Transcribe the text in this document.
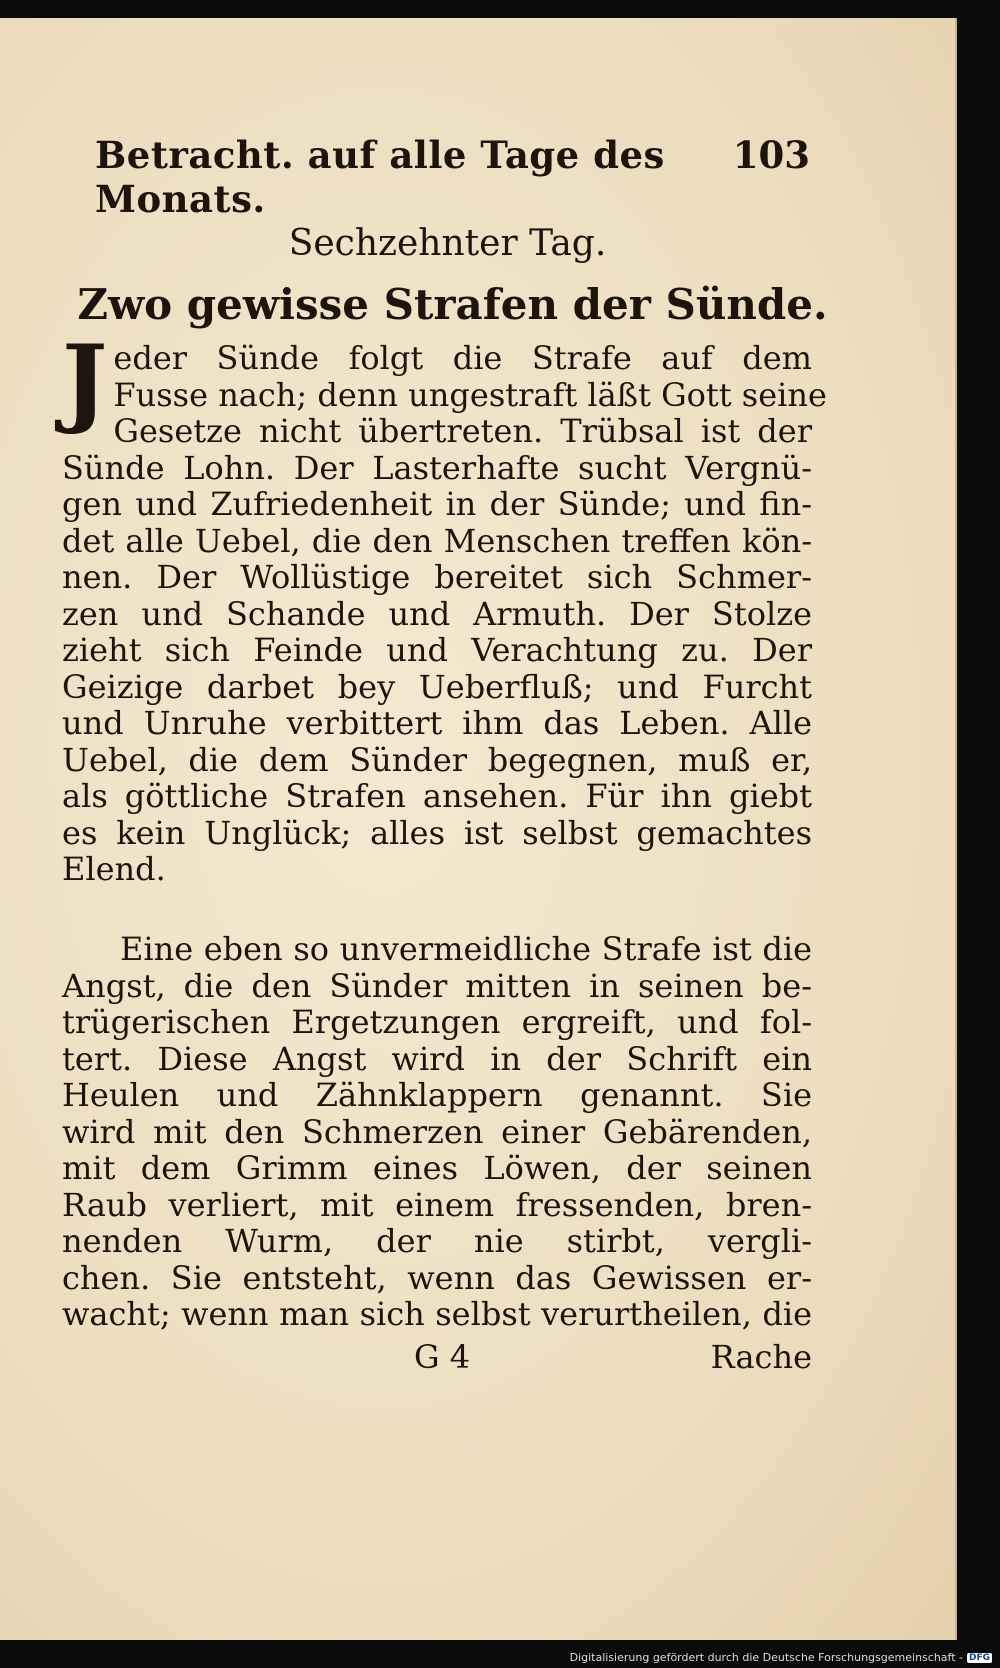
Betracht. auf alle Tage des Monats.
103
Sechzehnter Tag.
Zwo gewisse Strafen der Sünde.
J eder Sünde folgt die Strafe auf dem
Fusse nach; denn ungestraft läßt Gott seine
Gesetze nicht übertreten. Trübsal ist der
Sünde Lohn. Der Lasterhafte sucht Vergnü-
gen und Zufriedenheit in der Sünde; und fin-
det alle Uebel, die den Menschen treffen kön-
nen. Der Wollüstige bereitet sich Schmer-
zen und Schande und Armuth. Der Stolze
zieht sich Feinde und Verachtung zu. Der
Geizige darbet bey Ueberfluß; und Furcht
und Unruhe verbittert ihm das Leben. Alle
Uebel, die dem Sünder begegnen, muß er,
als göttliche Strafen ansehen. Für ihn giebt
es kein Unglück; alles ist selbst gemachtes
Elend.
Eine eben so unvermeidliche Strafe ist die
Angst, die den Sünder mitten in seinen be-
trügerischen Ergetzungen ergreift, und fol-
tert. Diese Angst wird in der Schrift ein
Heulen und Zähnklappern genannt. Sie
wird mit den Schmerzen einer Gebärenden,
mit dem Grimm eines Löwen, der seinen
Raub verliert, mit einem fressenden, bren-
nenden Wurm, der nie stirbt, vergli-
chen. Sie entsteht, wenn das Gewissen er-
wacht; wenn man sich selbst verurtheilen, die
G 4	Rache
Digitalisierung gefördert durch die Deutsche Forschungsgemeinschaft - DFG
